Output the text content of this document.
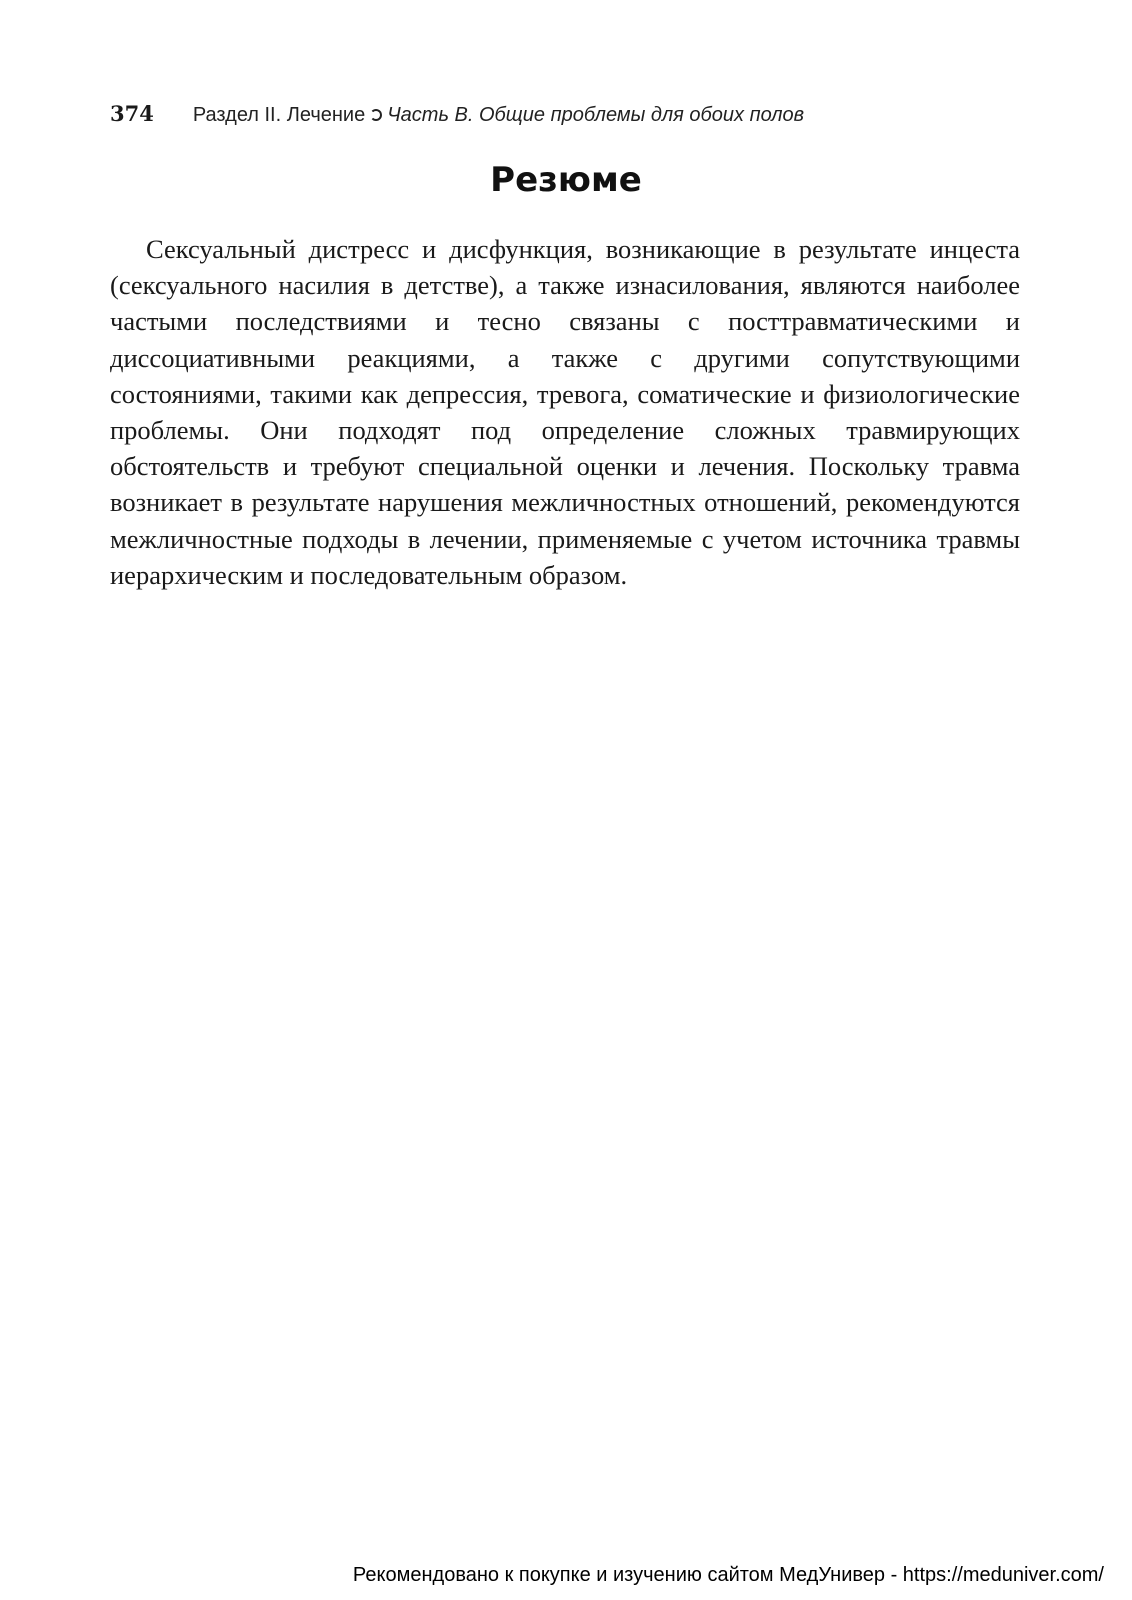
374 Раздел II. Лечение Часть В. Общие проблемы для обоих полов
Резюме

Сексуальный дистресс и дисфункция, возникающие в результате инцеста (сексуального насилия в детстве), а также изнасилования, являются наиболее частыми последствиями и тесно связаны с посттравматическими и диссоциативными реакциями, а также с другими сопутствующими состояниями, такими как депрессия, тревога, соматические и физиологические проблемы. Они подходят под определение сложных травмирующих обстоятельств и требуют специальной оценки и лечения. Поскольку травма возникает в результате нарушения межличностных отношений, рекомендуются межличностные подходы в лечении, применяемые с учетом источника травмы иерархическим и последовательным образом.

Рекомендовано к покупке и изучению сайтом МедУнивер - https://meduniver.com/
